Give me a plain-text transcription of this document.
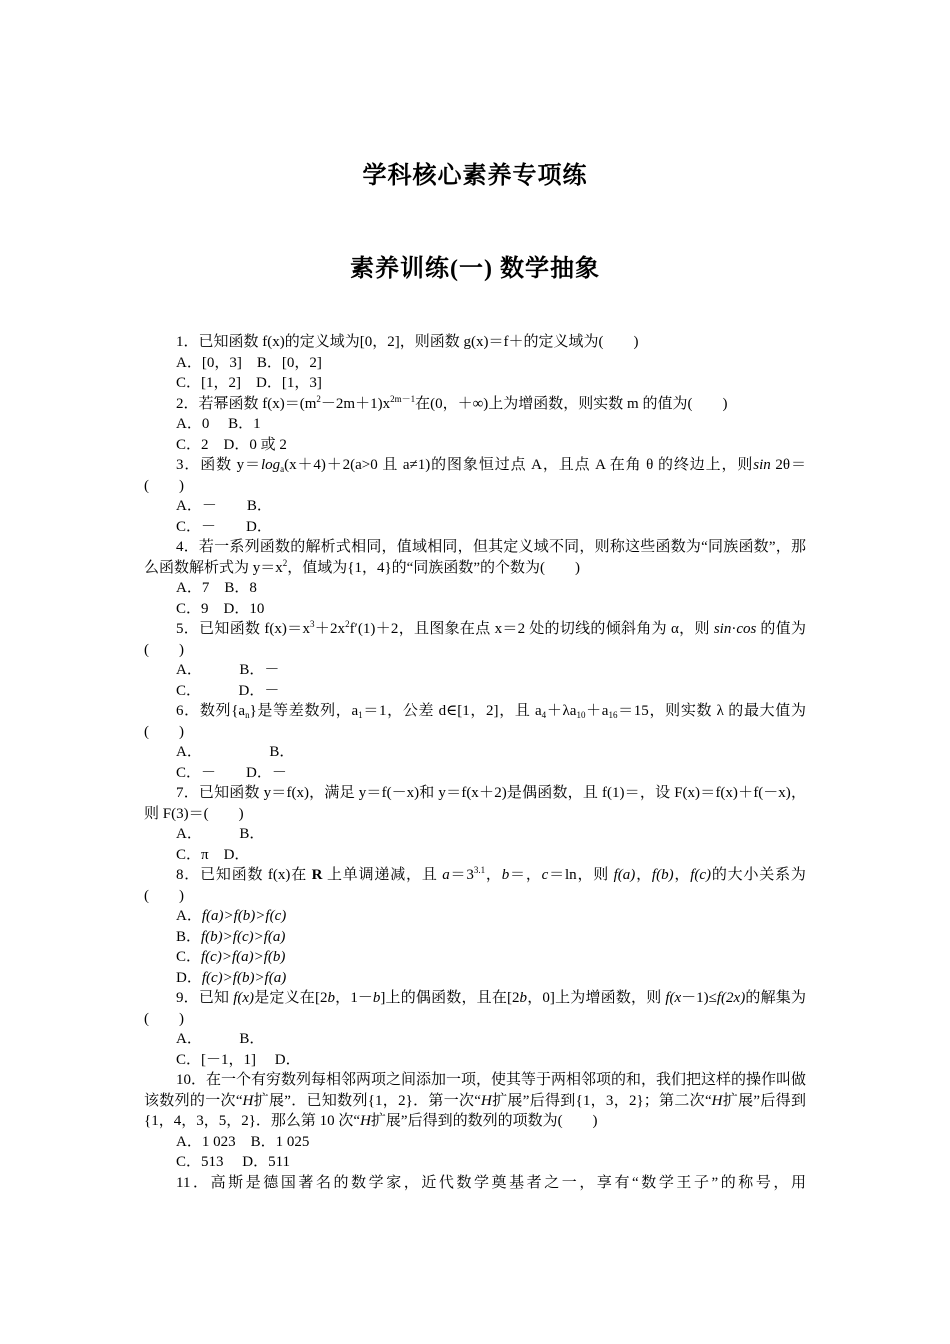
学科核心素养专项练
素养训练(一) 数学抽象

1．已知函数 f(x)的定义域为[0，2]，则函数 g(x)＝f＋的定义域为(　　)

A．[0，3]　B．[0，2]

C．[1，2]　D．[1，3]

2．若幂函数 $f(x)=(m^2-2m+1)x^{2m-1}$在(0，＋∞)上为增函数，则实数 m 的值为(　　)

A．0　 B．1

C．2　D．0 或 2

3．函数 $y=\log_a(x+4)+2(a>0$ 且 a≠1)的图象恒过点 A，且点 A 在角 θ 的终边上，则sin 2θ＝(　　)

A．－　　B．

C．－　　D．

4．若一系列函数的解析式相同，值域相同，但其定义域不同，则称这些函数为“同族函数”，那么函数解析式为 $y=x^2$，值域为{1，4}的“同族函数”的个数为(　　)

A．7　B．8

C．9　D．10

5．已知函数 $f(x)=x^3+2x^2f'(1)+2$，且图象在点 x＝2 处的切线的倾斜角为 α，则 sin·cos 的值为(　　)

A．　　　B．－

C．　　　D．－

6．数列$\{a_n\}$是等差数列，$a_1=1$，公差 d∈[1，2]，且 $a_4+\lambda a_{10}+a_{16}=15$，则实数 λ 的最大值为(　　)

A．　　　　　B．

C．－　　D．－

7．已知函数 y＝f(x)，满足 y＝f(－x)和 y＝f(x＋2)是偶函数，且 f(1)＝，设 F(x)＝f(x)＋f(－x)，则 F(3)＝(　　)

A．　　　B．

C．π　D．

8．已知函数 f(x)在 R 上单调递减，且 $a=3^{3.1}$，b＝，c＝ln，则 f(a)，f(b)，f(c)的大小关系为(　　)

A．f(a)>f(b)>f(c)

B．f(b)>f(c)>f(a)

C．f(c)>f(a)>f(b)

D．f(c)>f(b)>f(a)

9．已知 f(x)是定义在[2b，1－b]上的偶函数，且在[2b，0]上为增函数，则 f(x－1)≤f(2x)的解集为(　　)

A．　　　B．

C．[－1，1]　 D．

10．在一个有穷数列每相邻两项之间添加一项，使其等于两相邻项的和，我们把这样的操作叫做该数列的一次“H扩展”．已知数列{1，2}．第一次“H扩展”后得到{1，3，2}；第二次“H扩展”后得到{1，4，3，5，2}．那么第 10 次“H扩展”后得到的数列的项数为(　　)

A．1 023　B．1 025

C．513　 D．511

11．高斯是德国著名的数学家，近代数学奠基者之一，享有“数学王子”的称号，用
